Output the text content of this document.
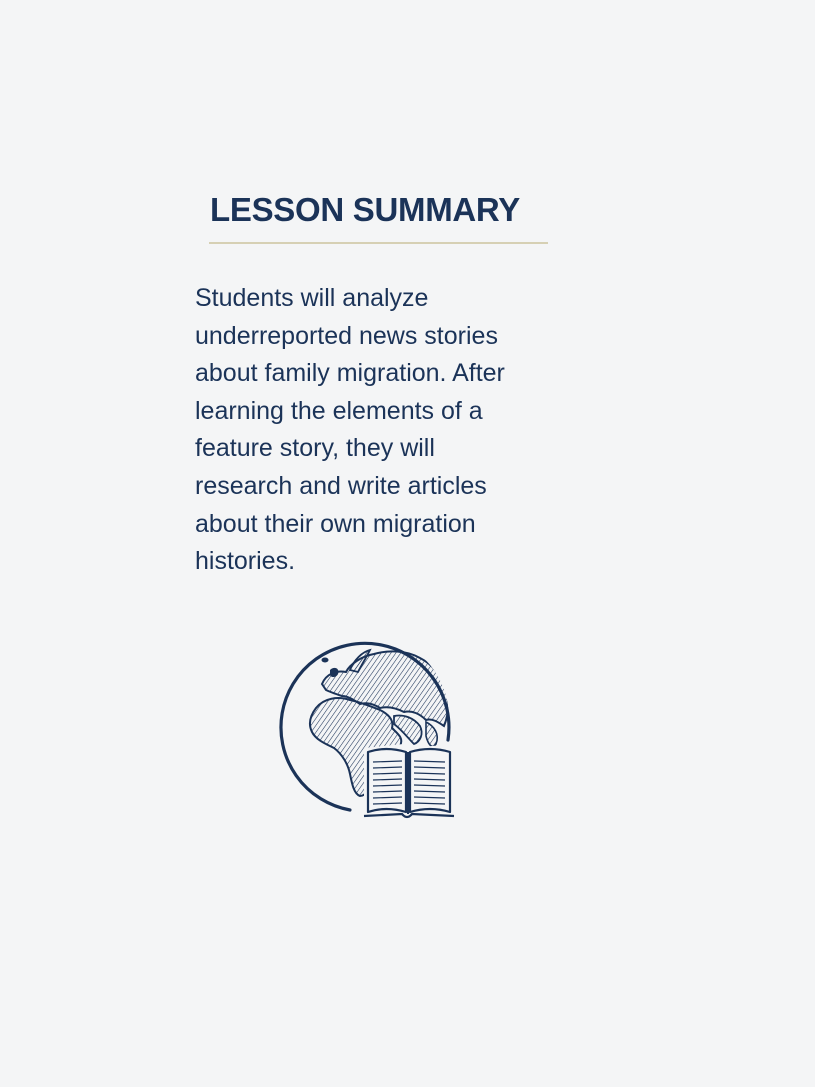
LESSON SUMMARY

Students will analyze
underreported news stories
about family migration. After
learning the elements of a
feature story, they will
research and write articles
about their own migration
histories.
